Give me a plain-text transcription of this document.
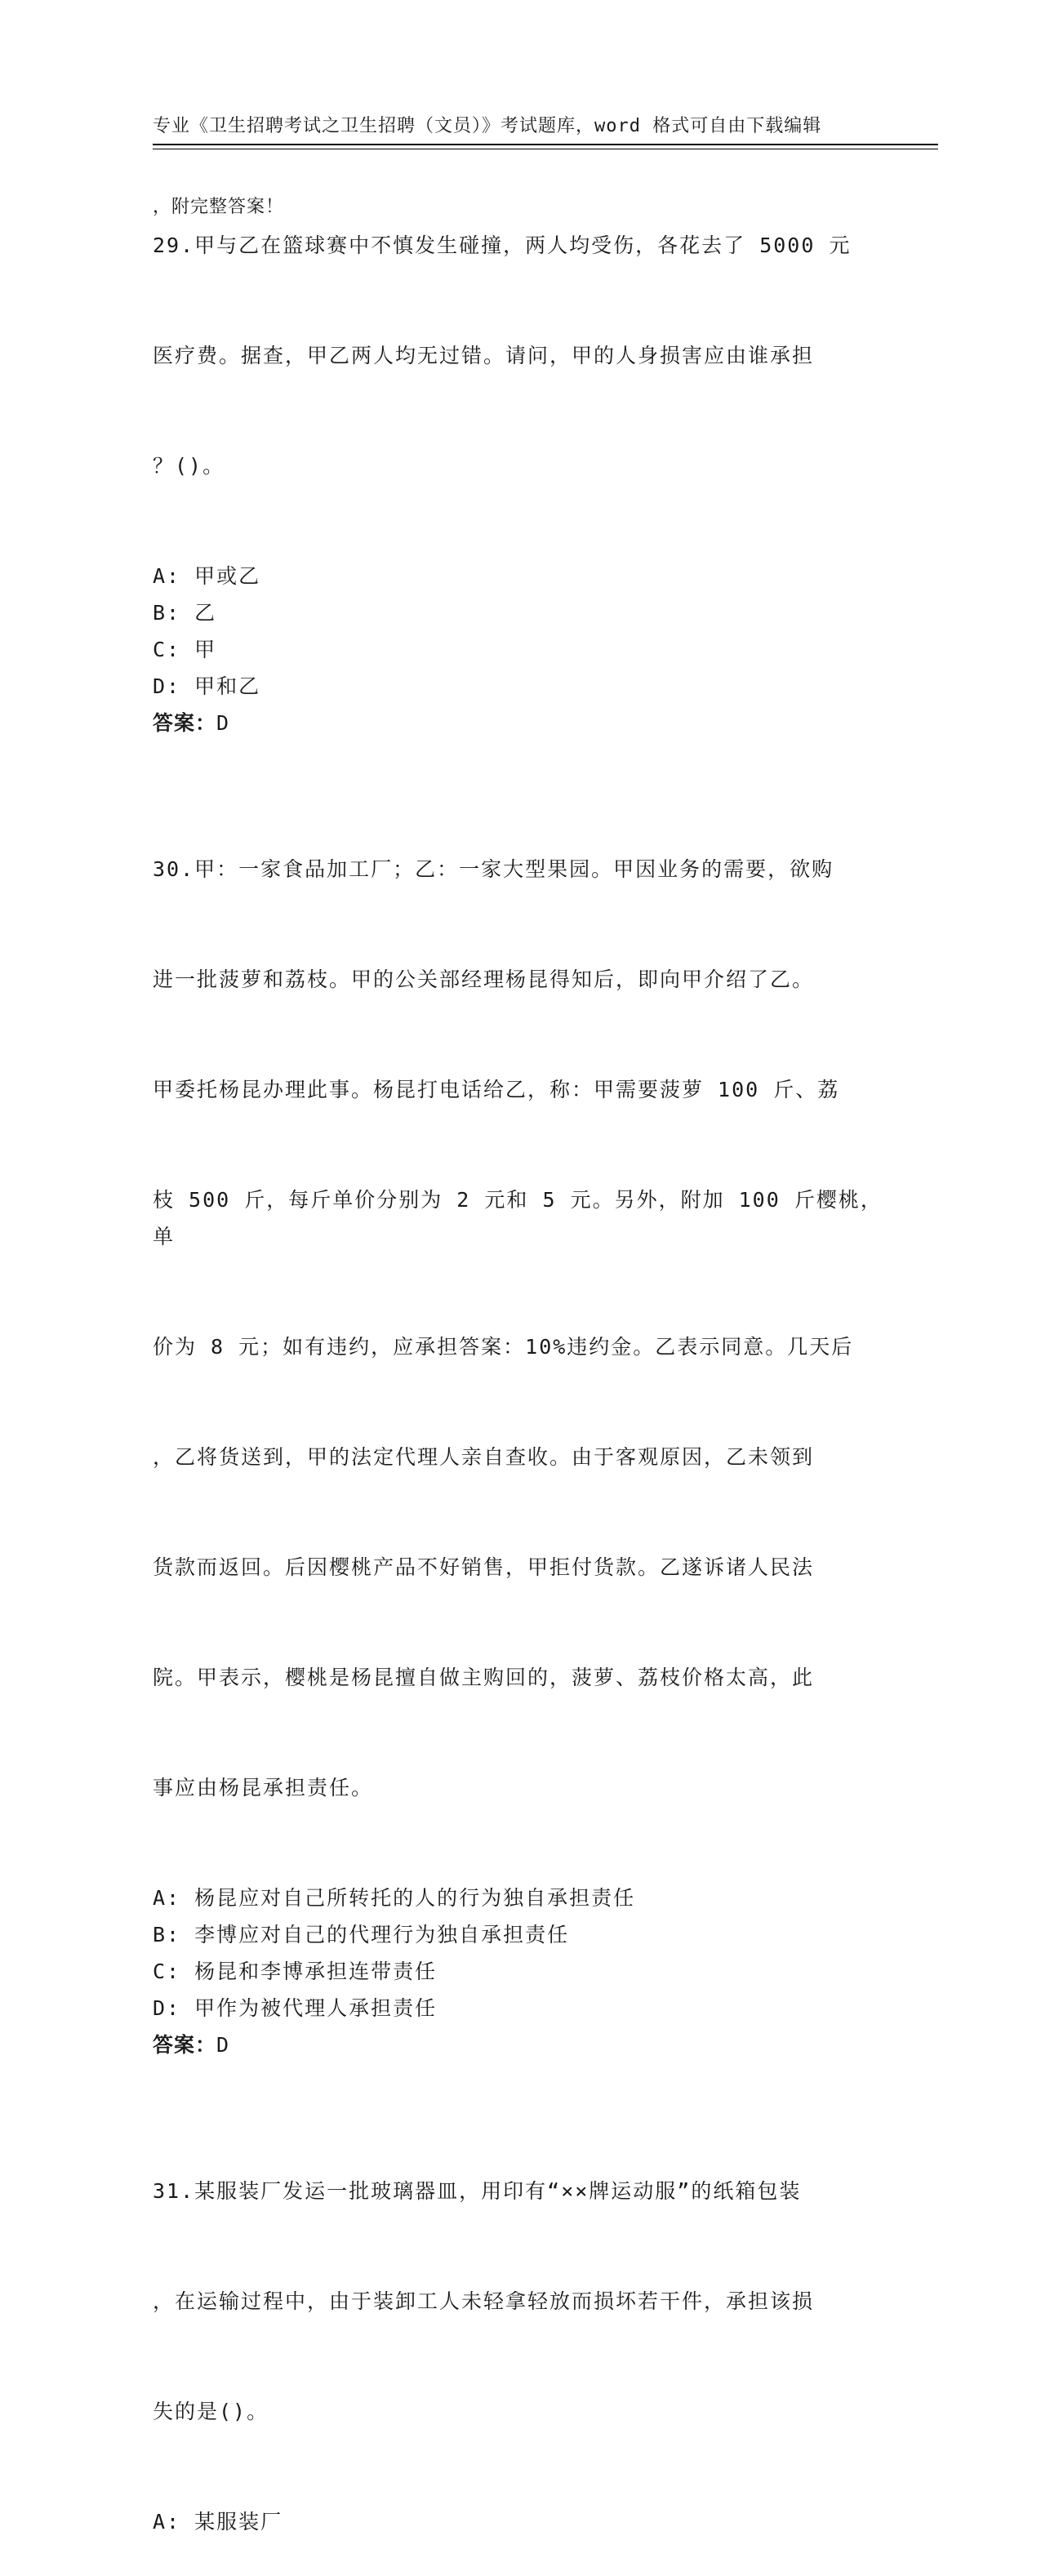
专业《卫生招聘考试之卫生招聘（文员）》考试题库，word 格式可自由下载编辑

，附完整答案！

29.甲与乙在篮球赛中不慎发生碰撞，两人均受伤，各花去了 5000 元

医疗费。据查，甲乙两人均无过错。请问，甲的人身损害应由谁承担

？()。

A: 甲或乙
B: 乙
C: 甲
D: 甲和乙
答案：D

30.甲：一家食品加工厂；乙：一家大型果园。甲因业务的需要，欲购

进一批菠萝和荔枝。甲的公关部经理杨昆得知后，即向甲介绍了乙。

甲委托杨昆办理此事。杨昆打电话给乙，称：甲需要菠萝 100 斤、荔

枝 500 斤，每斤单价分别为 2 元和 5 元。另外，附加 100 斤樱桃，单

价为 8 元；如有违约，应承担答案：10%违约金。乙表示同意。几天后

，乙将货送到，甲的法定代理人亲自查收。由于客观原因，乙未领到

货款而返回。后因樱桃产品不好销售，甲拒付货款。乙遂诉诸人民法

院。甲表示，樱桃是杨昆擅自做主购回的，菠萝、荔枝价格太高，此

事应由杨昆承担责任。

A: 杨昆应对自己所转托的人的行为独自承担责任
B: 李博应对自己的代理行为独自承担责任
C: 杨昆和李博承担连带责任
D: 甲作为被代理人承担责任
答案：D

31.某服装厂发运一批玻璃器皿，用印有“××牌运动服”的纸箱包装

，在运输过程中，由于装卸工人未轻拿轻放而损坏若干件，承担该损

失的是()。

A: 某服装厂
